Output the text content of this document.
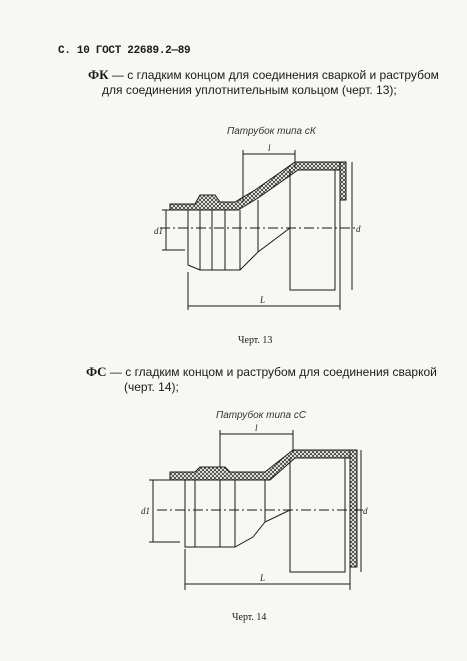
С. 10 ГОСТ 22689.2—89
ФК — с гладким концом для соединения сваркой и раструбом
для соединения уплотнительным кольцом (черт. 13);
Патрубок типа сК
l
d1	d
L
Черт. 13
ФС — с гладким концом и раструбом для соединения сваркой
(черт. 14);
Патрубок типа сС
l
d1	d
L
Черт. 14
